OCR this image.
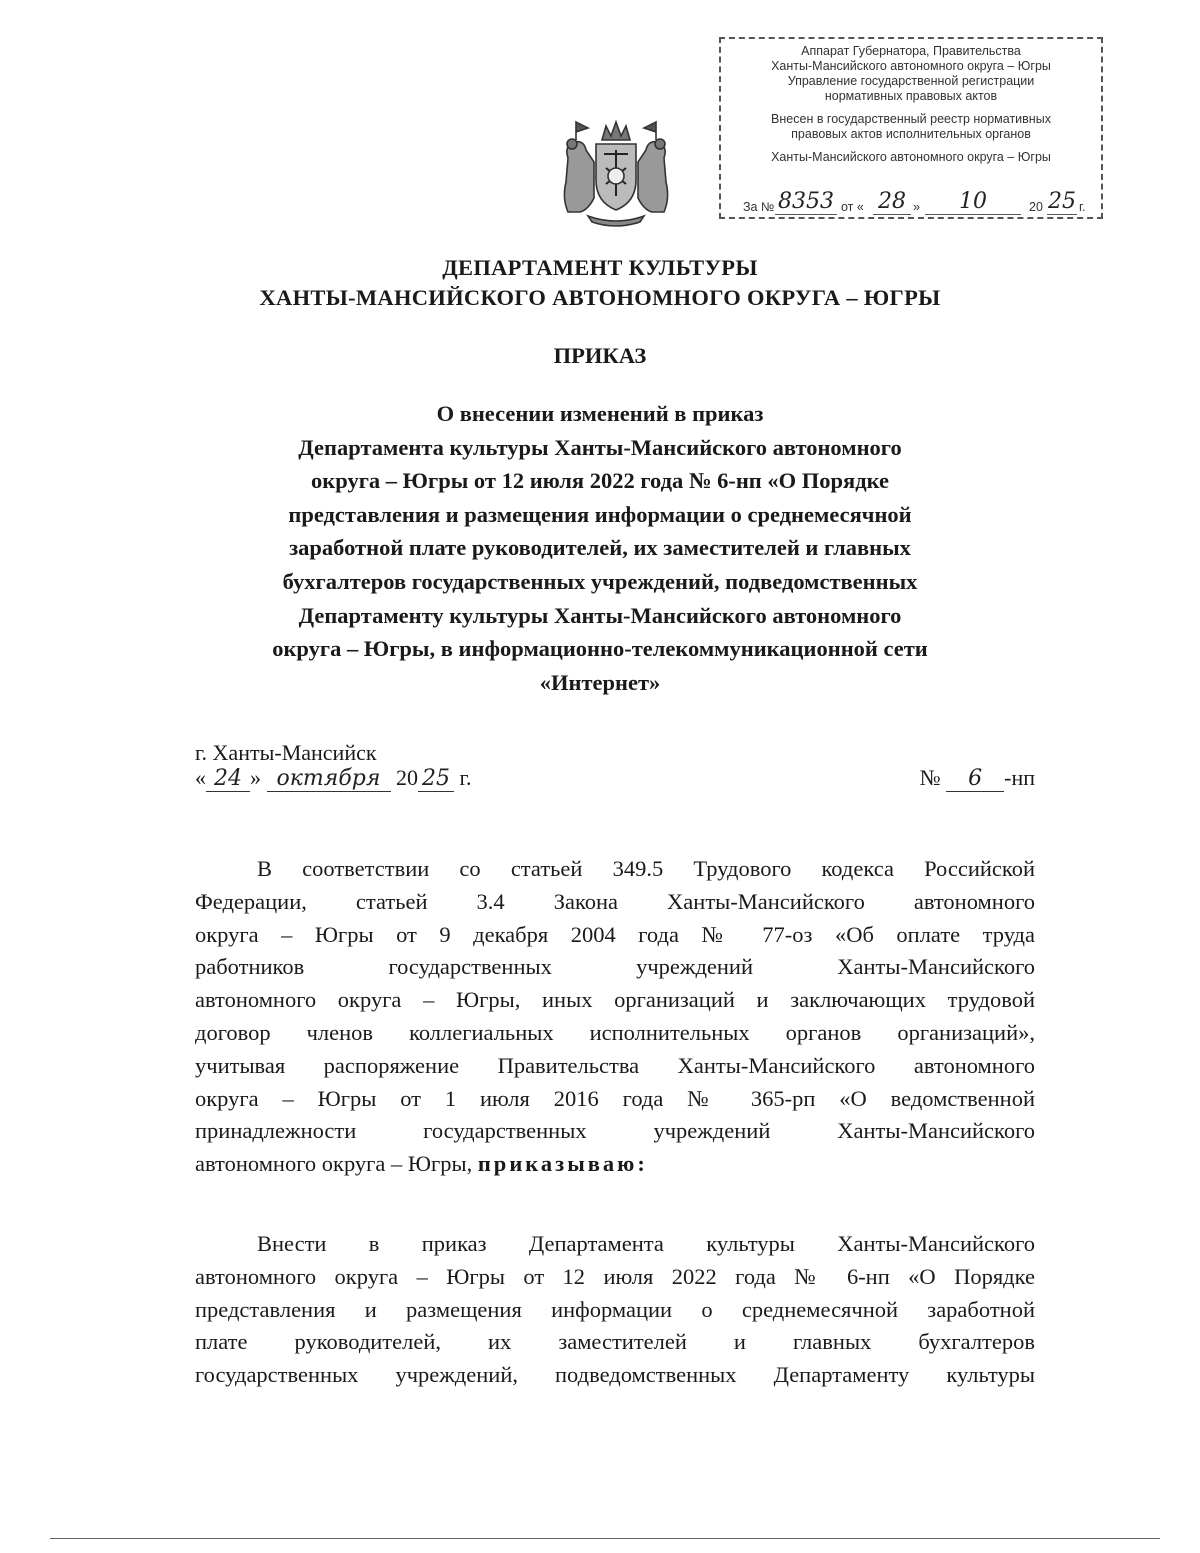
Аппарат Губернатора, Правительства
Ханты-Мансийского автономного округа – Югры
Управление государственной регистрации
нормативных правовых актов
Внесен в государственный реестр нормативных
правовых актов исполнительных органов
Ханты-Мансийского автономного округа – Югры
За № 8353 от « 28 »	10	20 25 г.
ДЕПАРТАМЕНТ КУЛЬТУРЫ
ХАНТЫ-МАНСИЙСКОГО АВТОНОМНОГО ОКРУГА – ЮГРЫ
ПРИКАЗ
О внесении изменений в приказ
Департамента культуры Ханты-Мансийского автономного
округа – Югры от 12 июля 2022 года № 6-нп «О Порядке
представления и размещения информации о среднемесячной
заработной плате руководителей, их заместителей и главных
бухгалтеров государственных учреждений, подведомственных
Департаменту культуры Ханты-Мансийского автономного
округа – Югры, в информационно-телекоммуникационной сети
«Интернет»
г. Ханты-Мансийск
« 24 » октября 20 25 г.	№ 6 -нп
В соответствии со статьей 349.5 Трудового кодекса Российской
Федерации, статьей 3.4 Закона Ханты-Мансийского автономного
округа – Югры от 9 декабря 2004 года № 77-оз «Об оплате труда
работников государственных учреждений Ханты-Мансийского
автономного округа – Югры, иных организаций и заключающих трудовой
договор членов коллегиальных исполнительных органов организаций»,
учитывая распоряжение Правительства Ханты-Мансийского автономного
округа – Югры от 1 июля 2016 года № 365-рп «О ведомственной
принадлежности государственных учреждений Ханты-Мансийского
автономного округа – Югры, приказываю:
Внести в приказ Департамента культуры Ханты-Мансийского
автономного округа – Югры от 12 июля 2022 года № 6-нп «О Порядке
представления и размещения информации о среднемесячной заработной
плате руководителей, их заместителей и главных бухгалтеров
государственных учреждений, подведомственных Департаменту культуры
